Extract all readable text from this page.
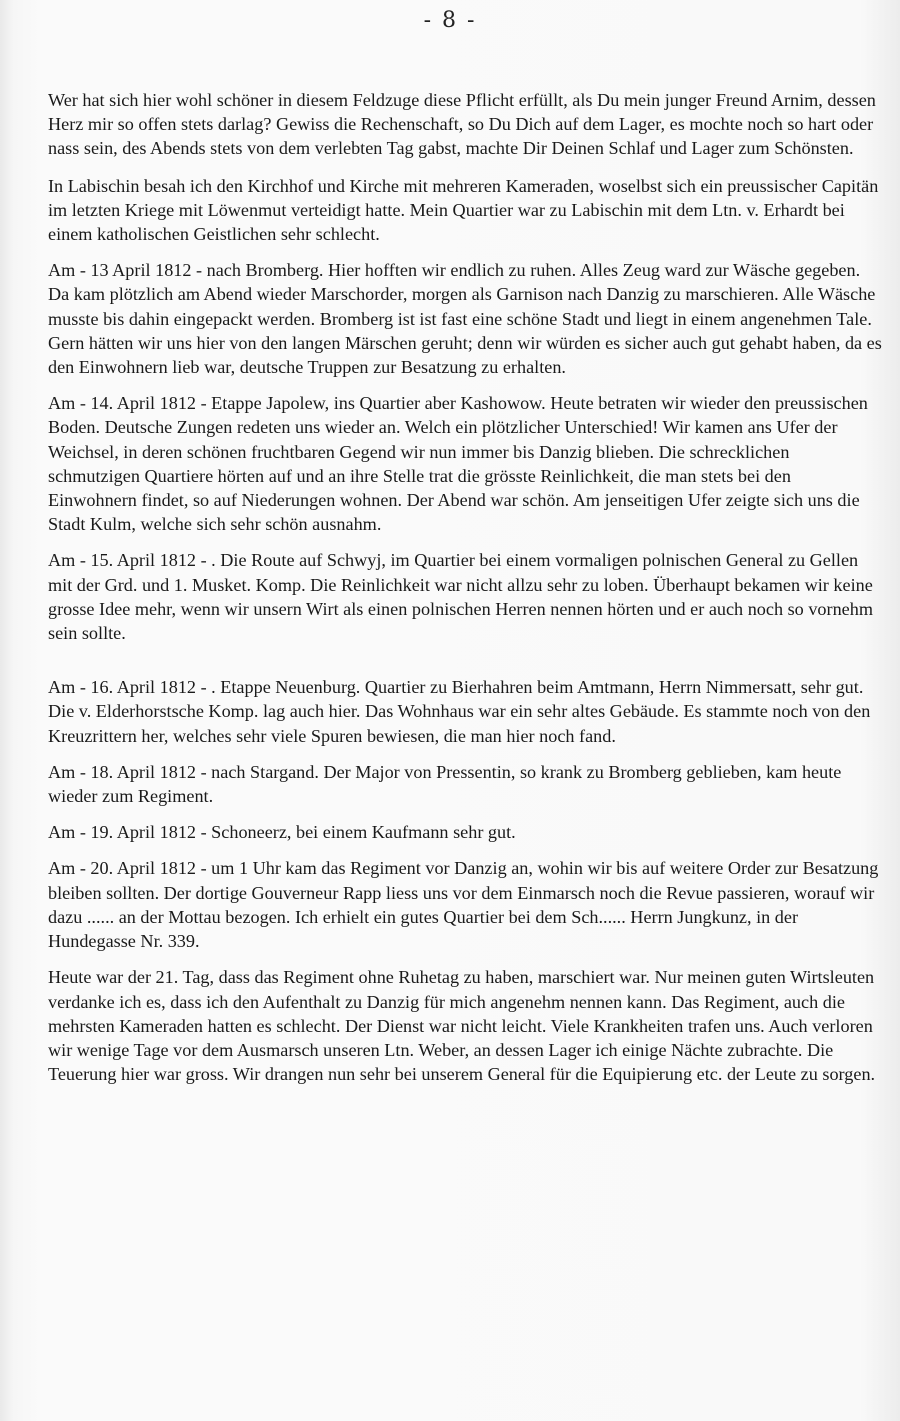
- 8 -

Wer hat sich hier wohl schöner in diesem Feldzuge diese Pflicht erfüllt, als Du mein junger Freund Arnim, dessen Herz mir so offen stets darlag? Gewiss die Rechenschaft, so Du Dich auf dem Lager, es mochte noch so hart oder nass sein, des Abends stets von dem verlebten Tag gabst, machte Dir Deinen Schlaf und Lager zum Schönsten.

In Labischin besah ich den Kirchhof und Kirche mit mehreren Kameraden, woselbst sich ein preussischer Capitän im letzten Kriege mit Löwenmut verteidigt hatte. Mein Quartier war zu Labischin mit dem Ltn. v. Erhardt bei einem katholischen Geistlichen sehr schlecht.

Am - 13 April 1812 - nach Bromberg. Hier hofften wir endlich zu ruhen. Alles Zeug ward zur Wäsche gegeben. Da kam plötzlich am Abend wieder Marschorder, morgen als Garnison nach Danzig zu marschieren. Alle Wäsche musste bis dahin eingepackt werden. Bromberg ist ist fast eine schöne Stadt und liegt in einem angenehmen Tale. Gern hätten wir uns hier von den langen Märschen geruht; denn wir würden es sicher auch gut gehabt haben, da es den Einwohnern lieb war, deutsche Truppen zur Besatzung zu erhalten.

Am - 14. April 1812 - Etappe Japolew, ins Quartier aber Kashowow. Heute betraten wir wieder den preussischen Boden. Deutsche Zungen redeten uns wieder an. Welch ein plötzlicher Unterschied! Wir kamen ans Ufer der Weichsel, in deren schönen fruchtbaren Gegend wir nun immer bis Danzig blieben. Die schrecklichen schmutzigen Quartiere hörten auf und an ihre Stelle trat die grösste Reinlichkeit, die man stets bei den Einwohnern findet, so auf Niederungen wohnen. Der Abend war schön. Am jenseitigen Ufer zeigte sich uns die Stadt Kulm, welche sich sehr schön ausnahm.

Am - 15. April 1812 - . Die Route auf Schwyj, im Quartier bei einem vormaligen polnischen General zu Gellen mit der Grd. und 1. Musket. Komp. Die Reinlichkeit war nicht allzu sehr zu loben. Überhaupt bekamen wir keine grosse Idee mehr, wenn wir unsern Wirt als einen polnischen Herren nennen hörten und er auch noch so vornehm sein sollte.

Am - 16. April 1812 - . Etappe Neuenburg. Quartier zu Bierhahren beim Amtmann, Herrn Nimmersatt, sehr gut. Die v. Elderhorstsche Komp. lag auch hier. Das Wohnhaus war ein sehr altes Gebäude. Es stammte noch von den Kreuzrittern her, welches sehr viele Spuren bewiesen, die man hier noch fand.

Am - 18. April 1812 - nach Stargand. Der Major von Pressentin, so krank zu Bromberg geblieben, kam heute wieder zum Regiment.

Am - 19. April 1812 - Schoneerz, bei einem Kaufmann sehr gut.

Am - 20. April 1812 - um 1 Uhr kam das Regiment vor Danzig an, wohin wir bis auf weitere Order zur Besatzung bleiben sollten. Der dortige Gouverneur Rapp liess uns vor dem Einmarsch noch die Revue passieren, worauf wir dazu ...... an der Mottau bezogen. Ich erhielt ein gutes Quartier bei dem Sch...... Herrn Jungkunz, in der Hundegasse Nr. 339.

Heute war der 21. Tag, dass das Regiment ohne Ruhetag zu haben, marschiert war. Nur meinen guten Wirtsleuten verdanke ich es, dass ich den Aufenthalt zu Danzig für mich angenehm nennen kann. Das Regiment, auch die mehrsten Kameraden hatten es schlecht. Der Dienst war nicht leicht. Viele Krankheiten trafen uns. Auch verloren wir wenige Tage vor dem Ausmarsch unseren Ltn. Weber, an dessen Lager ich einige Nächte zubrachte. Die Teuerung hier war gross. Wir drangen nun sehr bei unserem General für die Equipierung etc. der Leute zu sorgen.
